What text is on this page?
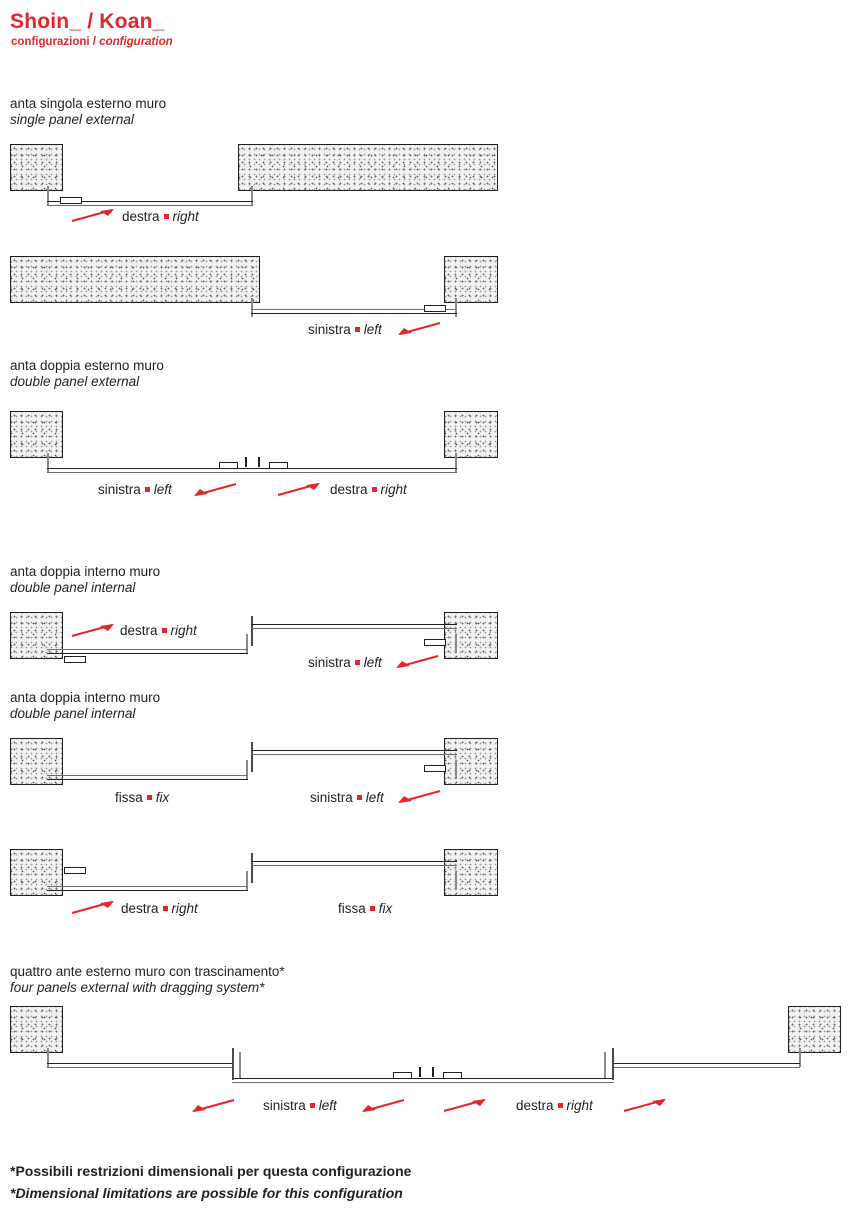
Shoin_ / Koan_
configurazioni / configuration
anta singola esterno muro
single panel external
destra right
sinistra left
anta doppia esterno muro
double panel external
sinistra left	destra right
anta doppia interno muro
double panel internal
destra right
sinistra left
anta doppia interno muro
double panel internal
fissa fix	sinistra left
destra right	fissa fix
quattro ante esterno muro con trascinamento*
four panels external with dragging system*
sinistra left	destra right
*Possibili restrizioni dimensionali per questa configurazione
*Dimensional limitations are possible for this configuration
